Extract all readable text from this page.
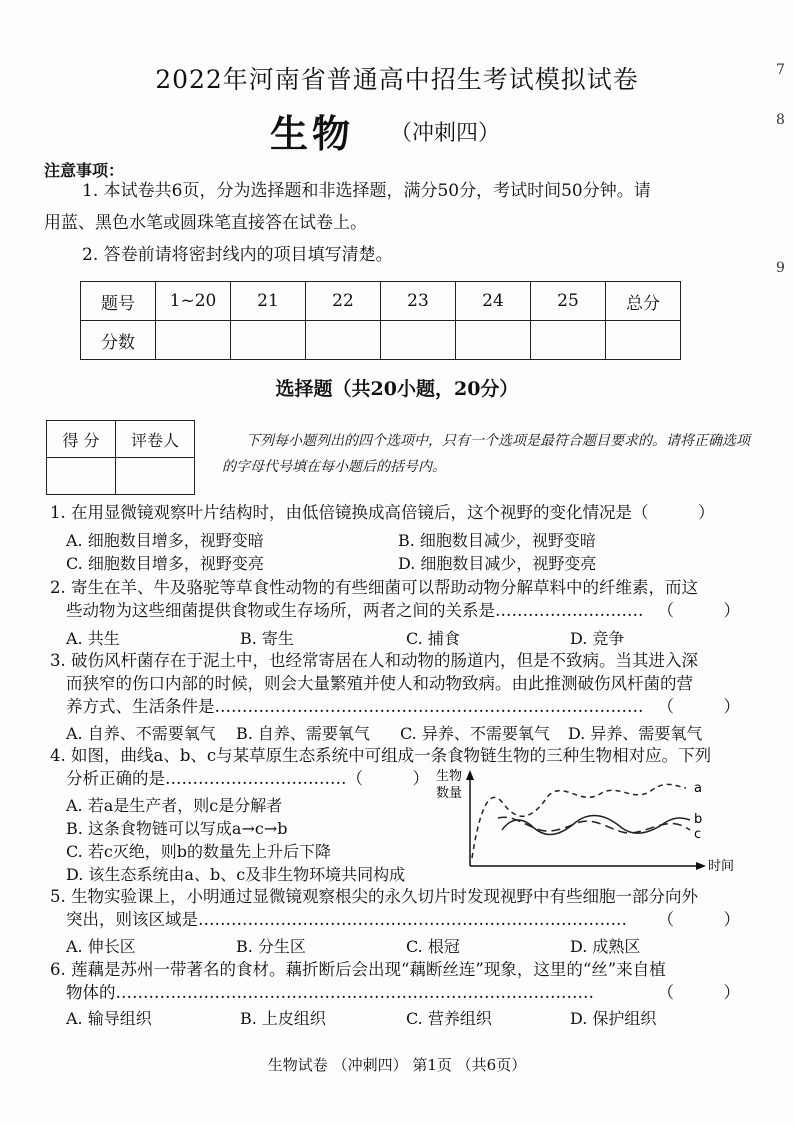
2022年河南省普通高中招生考试模拟试卷
生物 （冲刺四）
7
8
9
注意事项：
1. 本试卷共6页，分为选择题和非选择题，满分50分，考试时间50分钟。请
用蓝、黑色水笔或圆珠笔直接答在试卷上。
2. 答卷前请将密封线内的项目填写清楚。
题号	1~20	21	22	23	24	25	总分
分数							
选择题（共20小题，20分）
得 分	评卷人
		下列每小题列出的四个选项中，只有一个选项是最符合题目要求的。请将正确选项的字母代号填在每小题后的括号内。
1. 在用显微镜观察叶片结构时，由低倍镜换成高倍镜后，这个视野的变化情况是（　　　）
A. 细胞数目增多，视野变暗	B. 细胞数目减少，视野变暗
C. 细胞数目增多，视野变亮	D. 细胞数目减少，视野变亮
2. 寄生在羊、牛及骆驼等草食性动物的有些细菌可以帮助动物分解草料中的纤维素，而这
些动物为这些细菌提供食物或生存场所，两者之间的关系是……………………… （　　　）
A. 共生	B. 寄生	C. 捕食	D. 竞争
3. 破伤风杆菌存在于泥土中，也经常寄居在人和动物的肠道内，但是不致病。当其进入深
而狭窄的伤口内部的时候，则会大量繁殖并使人和动物致病。由此推测破伤风杆菌的营
养方式、生活条件是…………………………………………………………………… （　　　）
A. 自养、不需要氧气 B. 自养、需要氧气 C. 异养、不需要氧气 D. 异养、需要氧气
4. 如图，曲线a、b、c与某草原生态系统中可组成一条食物链生物的三种生物相对应。下列
分析正确的是……………………………（　　　）
A. 若a是生产者，则c是分解者
B. 这条食物链可以写成a→c→b
C. 若c灭绝，则b的数量先上升后下降
D. 该生态系统由a、b、c及非生物环境共同构成
生物
数量
时间
a
b
c
5. 生物实验课上，小明通过显微镜观察根尖的永久切片时发现视野中有些细胞一部分向外
突出，则该区域是…………………………………………………………………… （　　　）
A. 伸长区	B. 分生区	C. 根冠	D. 成熟区
6. 莲藕是苏州一带著名的食材。藕折断后会出现“藕断丝连”现象，这里的“丝”来自植
物体的……………………………………………………………………………	（　　　）
A. 输导组织	B. 上皮组织	C. 营养组织	D. 保护组织
生物试卷 （冲刺四） 第1页 （共6页）
